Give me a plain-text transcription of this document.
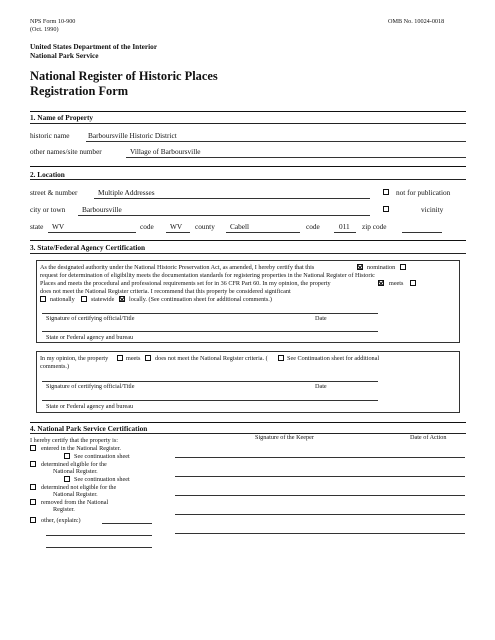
NPS Form 10-900
(Oct. 1990)
OMB No. 10024-0018
United States Department of the Interior
National Park Service
National Register of Historic Places
Registration Form
1. Name of Property
historic name	Barboursville Historic District
other names/site number	Village of Barboursville
2. Location
street & number	Multiple Addresses	not for publication
city or town Barboursville	vicinity
state WV	code WV county Cabell	code	011 zip code
3. State/Federal Agency Certification
As the designated authority under the National Historic Preservation Act, as amended, I hereby certify that this	nomination
request for determination of eligibility meets the documentation standards for registering properties in the National Register of Historic
Places and meets the procedural and professional requirements set for in 36 CFR Part 60. In my opinion, the property	meets
does not meet the National Register criteria. I recommend that this property be considered significant
nationally	statewide locally. (See continuation sheet for additional comments.)
Signature of certifying official/Title	Date
State or Federal agency and bureau
In my opinion, the property	meets does not meet the National Register criteria. (	See Continuation sheet for additional
comments.)
Signature of certifying official/Title	Date
State or Federal agency and bureau
4. National Park Service Certification
I hereby certify that the property is:
entered in the National Register.
See continuation sheet
determined eligible for the
National Register.
See continuation sheet
determined not eligible for the
National Register.
removed from the National
Register.
other, (explain:)
Signature of the Keeper	Date of Action
